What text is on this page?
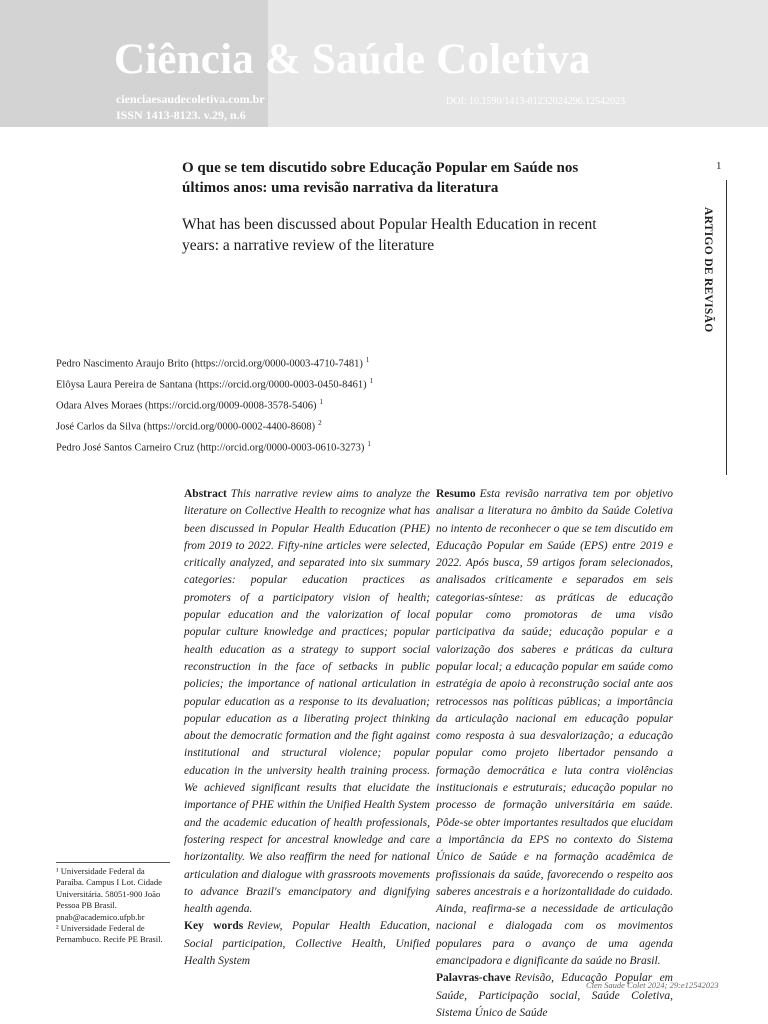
Ciência & Saúde Coletiva
cienciaesaudecoletiva.com.br
ISSN 1413-8123. v.29, n.6
DOI: 10.1590/1413-81232024296.12542023
1
ARTIGO DE REVISÃO
O que se tem discutido sobre Educação Popular em Saúde nos últimos anos: uma revisão narrativa da literatura
What has been discussed about Popular Health Education in recent years: a narrative review of the literature
Pedro Nascimento Araujo Brito (https://orcid.org/0000-0003-4710-7481) $^1$
Elôysa Laura Pereira de Santana (https://orcid.org/0000-0003-0450-8461) $^1$
Odara Alves Moraes (https://orcid.org/0009-0008-3578-5406) $^1$
José Carlos da Silva (https://orcid.org/0000-0002-4400-8608) $^2$
Pedro José Santos Carneiro Cruz (http://orcid.org/0000-0003-0610-3273) $^1$
Abstract This narrative review aims to analyze the literature on Collective Health to recognize what has been discussed in Popular Health Education (PHE) from 2019 to 2022. Fifty-nine articles were selected, critically analyzed, and separated into six summary categories: popular education practices as promoters of a participatory vision of health; popular education and the valorization of local popular culture knowledge and practices; popular health education as a strategy to support social reconstruction in the face of setbacks in public policies; the importance of national articulation in popular education as a response to its devaluation; popular education as a liberating project thinking about the democratic formation and the fight against institutional and structural violence; popular education in the university health training process. We achieved significant results that elucidate the importance of PHE within the Unified Health System and the academic education of health professionals, fostering respect for ancestral knowledge and care horizontality. We also reaffirm the need for national articulation and dialogue with grassroots movements to advance Brazil's emancipatory and dignifying health agenda.
Key words Review, Popular Health Education, Social participation, Collective Health, Unified Health System
Resumo Esta revisão narrativa tem por objetivo analisar a literatura no âmbito da Saúde Coletiva no intento de reconhecer o que se tem discutido em Educação Popular em Saúde (EPS) entre 2019 e 2022. Após busca, 59 artigos foram selecionados, analisados criticamente e separados em seis categorias-síntese: as práticas de educação popular como promotoras de uma visão participativa da saúde; educação popular e a valorização dos saberes e práticas da cultura popular local; a educação popular em saúde como estratégia de apoio à reconstrução social ante aos retrocessos nas políticas públicas; a importância da articulação nacional em educação popular como resposta à sua desvalorização; a educação popular como projeto libertador pensando a formação democrática e luta contra violências institucionais e estruturais; educação popular no processo de formação universitária em saúde. Pôde-se obter importantes resultados que elucidam a importância da EPS no contexto do Sistema Único de Saúde e na formação acadêmica de profissionais da saúde, favorecendo o respeito aos saberes ancestrais e a horizontalidade do cuidado. Ainda, reafirma-se a necessidade de articulação nacional e dialogada com os movimentos populares para o avanço de uma agenda emancipadora e dignificante da saúde no Brasil.
Palavras-chave Revisão, Educação Popular em Saúde, Participação social, Saúde Coletiva, Sistema Único de Saúde

¹ Universidade Federal da Paraíba. Campus I Lot. Cidade Universitária. 58051-900 João Pessoa PB Brasil. pnab@academico.ufpb.br

² Universidade Federal de Pernambuco. Recife PE Brasil.

Cien Saude Colet 2024; 29:e12542023
